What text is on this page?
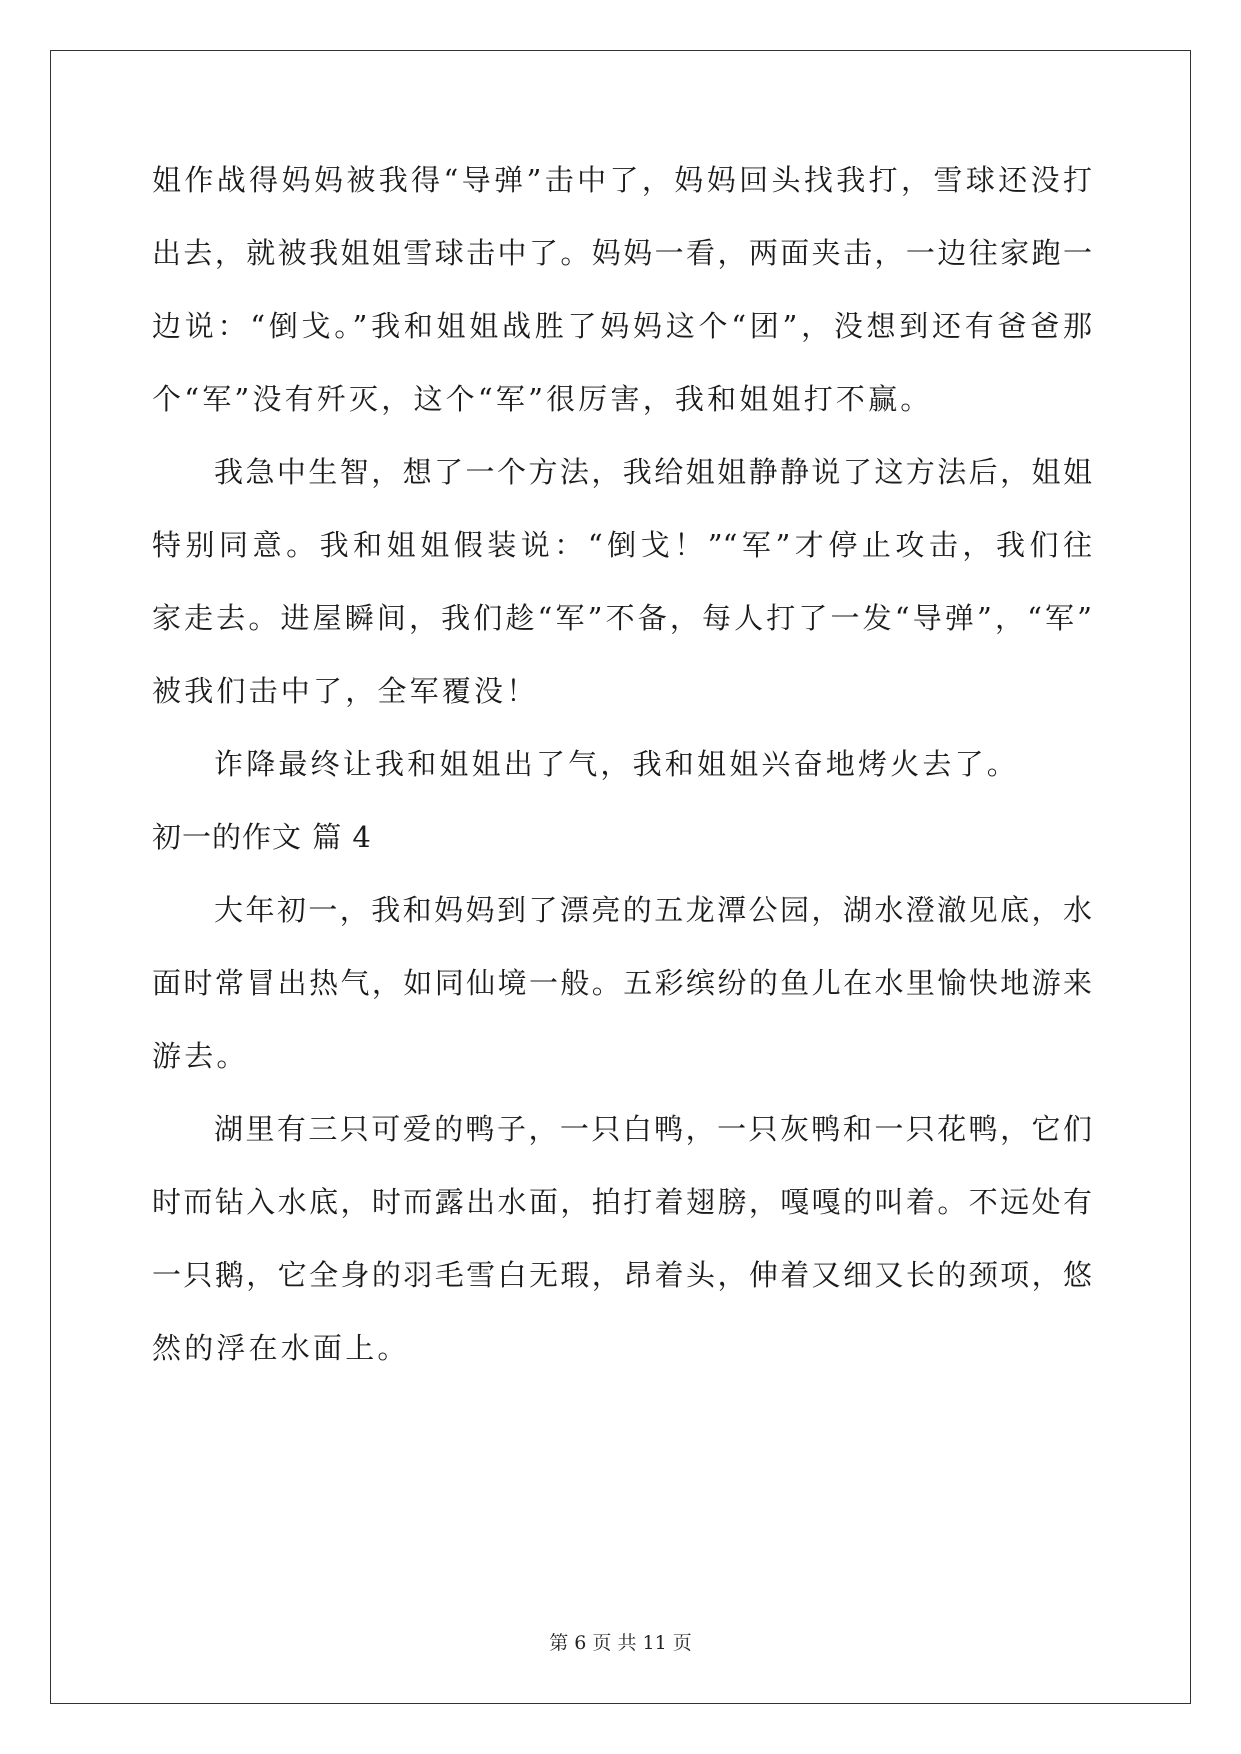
姐作战得妈妈被我得“导弹”击中了，妈妈回头找我打，雪球还没打
出去，就被我姐姐雪球击中了。妈妈一看，两面夹击，一边往家跑一
边说：“倒戈。”我和姐姐战胜了妈妈这个“团”，没想到还有爸爸那
个“军”没有歼灭，这个“军”很厉害，我和姐姐打不赢。
我急中生智，想了一个方法，我给姐姐静静说了这方法后，姐姐
特别同意。我和姐姐假装说：“倒戈！”“军”才停止攻击，我们往
家走去。进屋瞬间，我们趁“军”不备，每人打了一发“导弹”，“军”
被我们击中了，全军覆没！
诈降最终让我和姐姐出了气，我和姐姐兴奋地烤火去了。
初一的作文 篇 4
大年初一，我和妈妈到了漂亮的五龙潭公园，湖水澄澈见底，水
面时常冒出热气，如同仙境一般。五彩缤纷的鱼儿在水里愉快地游来
游去。
湖里有三只可爱的鸭子，一只白鸭，一只灰鸭和一只花鸭，它们
时而钻入水底，时而露出水面，拍打着翅膀，嘎嘎的叫着。不远处有
一只鹅，它全身的羽毛雪白无瑕，昂着头，伸着又细又长的颈项，悠
然的浮在水面上。
第 6 页 共 11 页
